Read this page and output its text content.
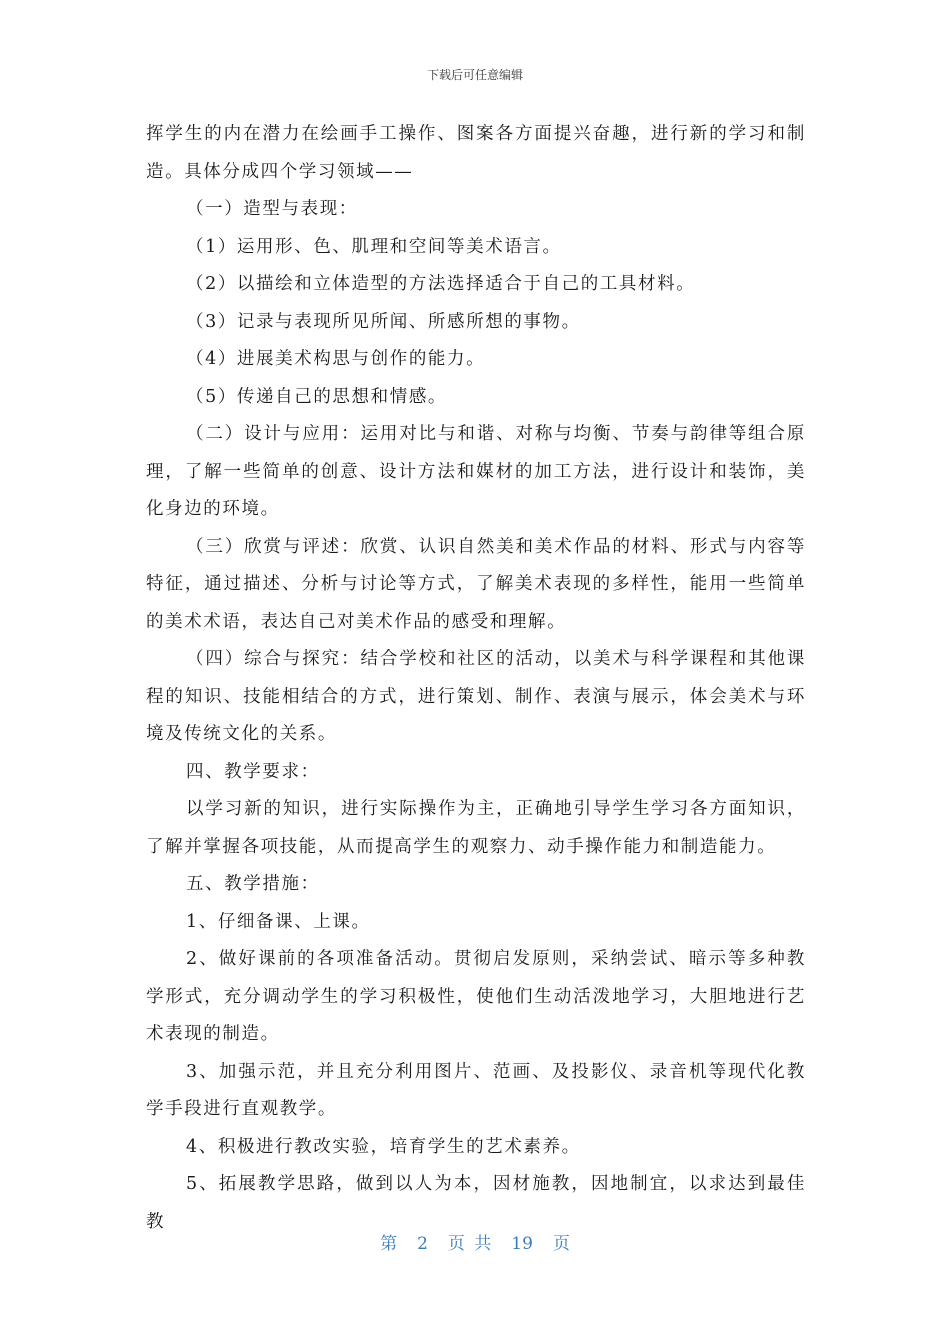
下载后可任意编辑

挥学生的内在潜力在绘画手工操作、图案各方面提兴奋趣，进行新的学习和制造。具体分成四个学习领域——

（一）造型与表现：

（1）运用形、色、肌理和空间等美术语言。

（2）以描绘和立体造型的方法选择适合于自己的工具材料。

（3）记录与表现所见所闻、所感所想的事物。

（4）进展美术构思与创作的能力。

（5）传递自己的思想和情感。

（二）设计与应用：运用对比与和谐、对称与均衡、节奏与韵律等组合原理，了解一些简单的创意、设计方法和媒材的加工方法，进行设计和装饰，美化身边的环境。

（三）欣赏与评述：欣赏、认识自然美和美术作品的材料、形式与内容等特征，通过描述、分析与讨论等方式，了解美术表现的多样性，能用一些简单的美术术语，表达自己对美术作品的感受和理解。

（四）综合与探究：结合学校和社区的活动，以美术与科学课程和其他课程的知识、技能相结合的方式，进行策划、制作、表演与展示，体会美术与环境及传统文化的关系。

四、教学要求：

以学习新的知识，进行实际操作为主，正确地引导学生学习各方面知识，了解并掌握各项技能，从而提高学生的观察力、动手操作能力和制造能力。

五、教学措施：

1、仔细备课、上课。

2、做好课前的各项准备活动。贯彻启发原则，采纳尝试、暗示等多种教学形式，充分调动学生的学习积极性，使他们生动活泼地学习，大胆地进行艺术表现的制造。

3、加强示范，并且充分利用图片、范画、及投影仪、录音机等现代化教学手段进行直观教学。

4、积极进行教改实验，培育学生的艺术素养。

5、拓展教学思路，做到以人为本，因材施教，因地制宜，以求达到最佳教

第 2 页 共 19 页
